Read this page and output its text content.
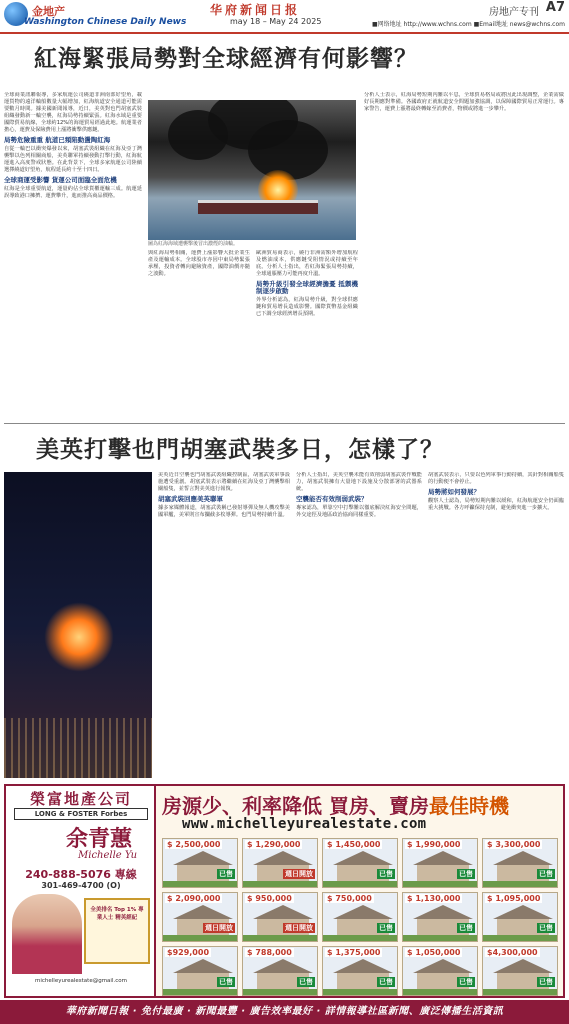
金地产
Washington Chinese Daily News
华府新闻日报
may 18 – May 24 2025
房地产专刊 A7
■网络地址 http://www.wchns.com ■Email地址 news@wchns.com
紅海緊張局勢對全球經濟有何影響？

全球商業訊聯報導，多家航運公司繞道非洲南部好望角，載運貨物的遠洋輪船數量大幅增加，紅海航道安全通道可能需要數月時間。據美國新聞報導，近日，美英對也門胡塞武裝組織發動新一輪空襲，紅海局勢持續緊張。紅海水域是重要國際貿易航線，全球約12%的海運貿易經過此地。航運業者擔心，運費及保險費用上漲將衝擊供應鏈。

局勢危險重重 航道已頻陷動盪陶紅海

自從一輪巴以衝突爆發以來，胡塞武裝組織在紅海及亞丁灣襲擊以色列相關商船，美英聯軍持續發動打擊行動，紅海航運進入高度警戒狀態。在此背景下，全球多家航運公司陸續選擇繞道好望角，航程延長約十至十四日。

全球商運受影響 貨運公司面臨全面危機

紅海是全球重要航道，運量約佔全球貨櫃運輸三成。航運延誤導致港口擁擠、運費攀升，進而推高商品價格。

圖為紅海海域遭襲擊後冒出濃煙的油輪。

與紅海局勢相關，運費上漲影響大批企業生產及運輸成本。全球股市亦因中東局勢緊張承壓，投資者轉向避險資產，國際油價亦隨之波動。

歐洲貿易商表示，繞行非洲需額外增加航程及燃油成本，供應鏈受阻情況或持續至年底。分析人士指出，若紅海緊張局勢持續，全球通脹壓力可能再度升溫。

局勢升級引發全球經濟擔憂 抵禦機制逐步啟動

外界分析認為，紅海局勢升級，對全球供應鏈和貿易增長造成影響。國際貨幣基金組織已下調全球經濟增長預期。

分析人士表示，紅海局勢短期內難以平息，全球貿易格局或將因此出現調整，企業需做好長期應對準備。各國政府正就航道安全問題加強協調，以保障國際貿易正常運行。專家警告，運費上漲將最終轉嫁至消費者，物價或將進一步攀升。

美英打擊也門胡塞武裝多日，怎樣了？

美英近日空襲也門胡塞武裝組織控制區，胡塞武裝軍事設施遭受重創。胡塞武裝表示將繼續在紅海及亞丁灣襲擊相關船隻，並誓言對美英進行報復。

胡塞武裝回應美英聯軍

據多家媒體報道，胡塞武裝稱已發射導彈及無人機攻擊美國軍艦，美軍則宣布攔截多枚導彈。也門局勢持續升溫。

分析人士指出，美英空襲未能有效削弱胡塞武裝作戰能力，胡塞武裝擁有大量地下設施及分散部署的武器系統。

空襲能否有效削弱武裝？

專家認為，單靠空中打擊難以徹底解決紅海安全問題，外交途徑及地區政治協商同樣重要。

胡塞武裝表示，只要以色列軍事行動持續，其針對相關船隻的行動便不會停止。

局勢將如何發展？

觀察人士認為，局勢短期內難以緩和，紅海航運安全仍面臨重大挑戰。各方呼籲保持克制，避免衝突進一步擴大。

榮富地產公司
LONG & FOSTER Forbes
余青蕙
Michelle Yu
240-888-5076 專線
301-469-4700 (O)
全美排名 Top 1% 專業人士 精英經紀
michelleyurealestate@gmail.com
房源少、利率降低 買房、賣房最佳時機
www.michelleyurealestate.com
$ 2,500,000
已售
$ 1,290,000
週日開放
$ 1,450,000
已售
$ 1,990,000
已售
$ 3,300,000
已售
$ 2,090,000
週日開放
$ 950,000
週日開放
$ 750,000
已售
$ 1,130,000
已售
$ 1,095,000
已售
$929,000
已售
$ 788,000
已售
$ 1,375,000
已售
$ 1,050,000
已售
$4,300,000
已售
華府新聞日報 · 免付最廣 · 新聞最豐 · 廣告效率最好 · 詳情報導社區新聞、廣泛傳播生活資訊
